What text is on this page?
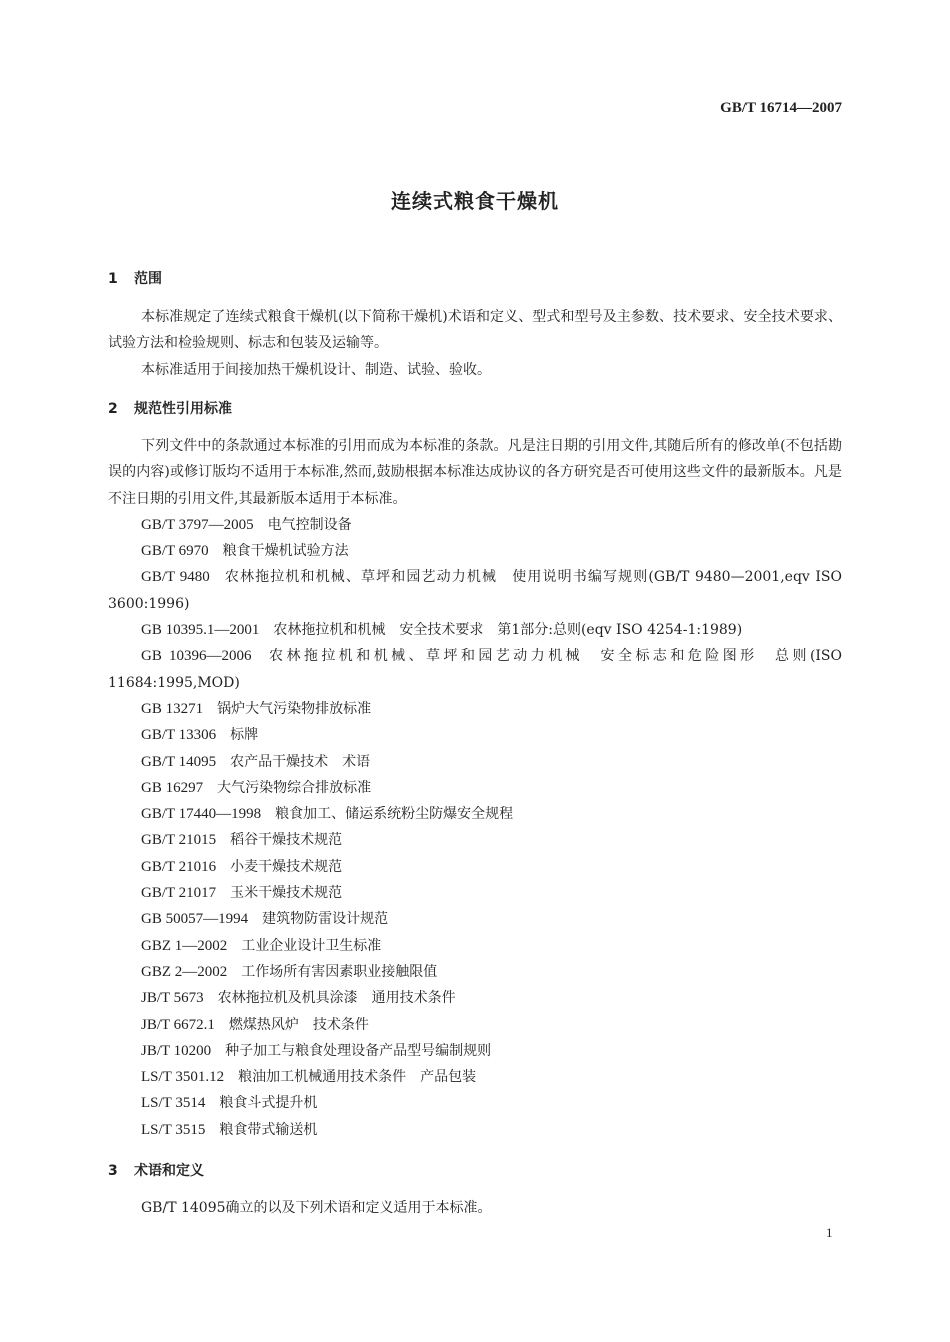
GB/T 16714—2007
连续式粮食干燥机
1 范围

本标准规定了连续式粮食干燥机(以下简称干燥机)术语和定义、型式和型号及主参数、技术要求、安全技术要求、试验方法和检验规则、标志和包装及运输等。

本标准适用于间接加热干燥机设计、制造、试验、验收。

2 规范性引用标准

下列文件中的条款通过本标准的引用而成为本标准的条款。凡是注日期的引用文件,其随后所有的修改单(不包括勘误的内容)或修订版均不适用于本标准,然而,鼓励根据本标准达成协议的各方研究是否可使用这些文件的最新版本。凡是不注日期的引用文件,其最新版本适用于本标准。

GB/T 3797—2005 电气控制设备

GB/T 6970 粮食干燥机试验方法

GB/T 9480 农林拖拉机和机械、草坪和园艺动力机械　使用说明书编写规则(GB/T 9480—2001,eqv ISO 3600:1996)

GB 10395.1—2001 农林拖拉机和机械　安全技术要求　第1部分:总则(eqv ISO 4254-1:1989)

GB 10396—2006 农林拖拉机和机械、草坪和园艺动力机械　安全标志和危险图形　总则(ISO 11684:1995,MOD)

GB 13271 锅炉大气污染物排放标准

GB/T 13306 标牌

GB/T 14095 农产品干燥技术　术语

GB 16297 大气污染物综合排放标准

GB/T 17440—1998 粮食加工、储运系统粉尘防爆安全规程

GB/T 21015 稻谷干燥技术规范

GB/T 21016 小麦干燥技术规范

GB/T 21017 玉米干燥技术规范

GB 50057—1994 建筑物防雷设计规范

GBZ 1—2002 工业企业设计卫生标准

GBZ 2—2002 工作场所有害因素职业接触限值

JB/T 5673 农林拖拉机及机具涂漆　通用技术条件

JB/T 6672.1 燃煤热风炉　技术条件

JB/T 10200 种子加工与粮食处理设备产品型号编制规则

LS/T 3501.12 粮油加工机械通用技术条件　产品包装

LS/T 3514 粮食斗式提升机

LS/T 3515 粮食带式输送机

3 术语和定义

GB/T 14095确立的以及下列术语和定义适用于本标准。

1
